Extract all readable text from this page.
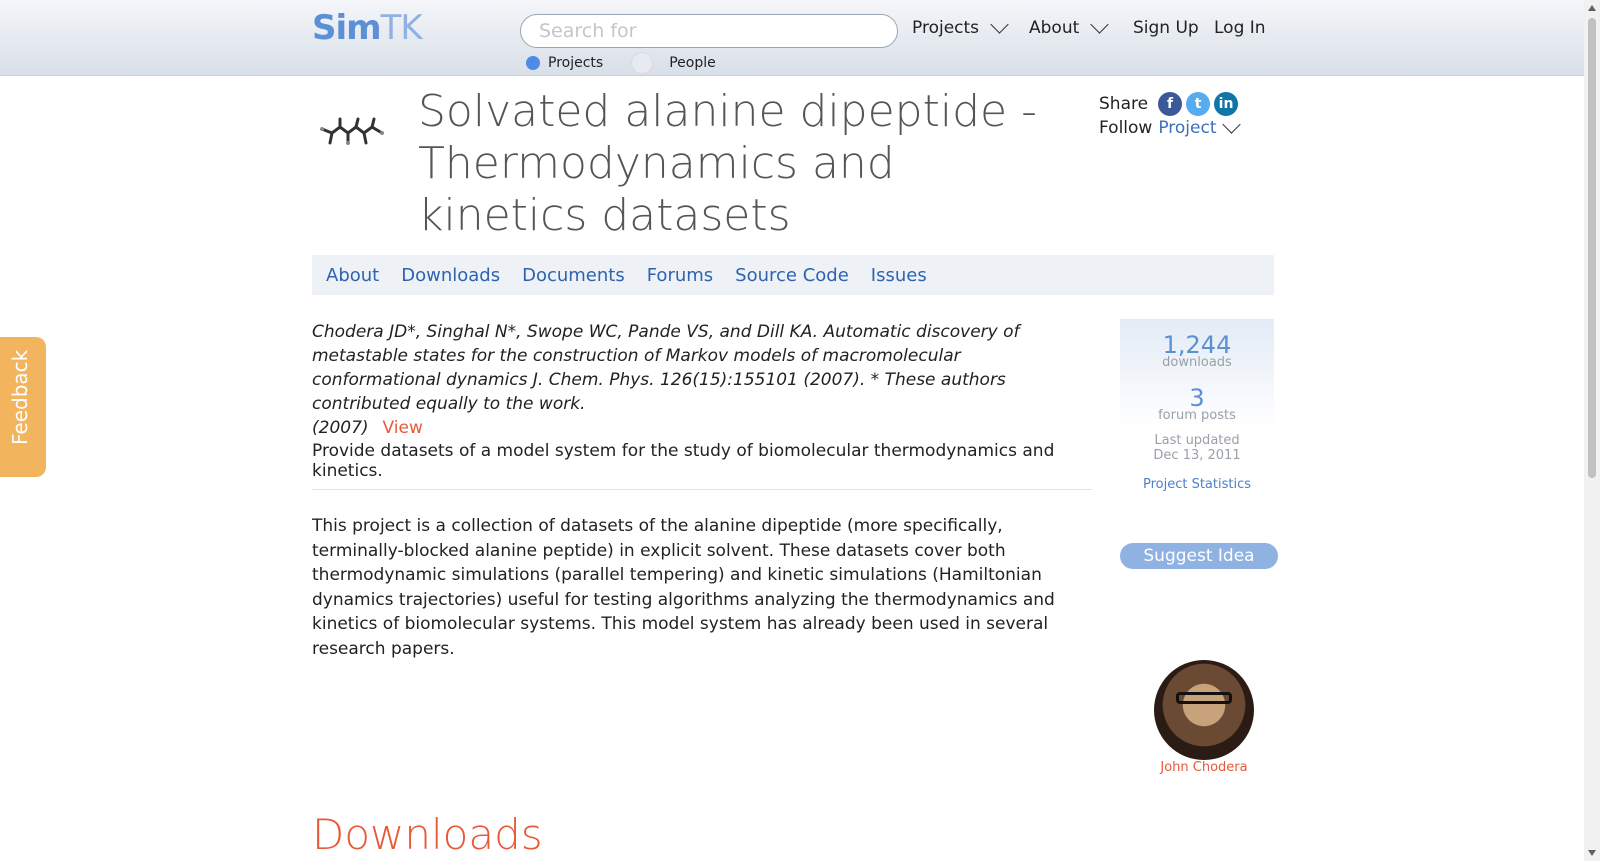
SimTK
Search for
Projects	People
Projects	About	Sign Up Log In
Solvated alanine dipeptide - Thermodynamics and kinetics datasets
Share	f	t	in
Follow Project
About Downloads Documents Forums Source Code Issues
Chodera JD*, Singhal N*, Swope WC, Pande VS, and Dill KA. Automatic discovery of metastable states for the construction of Markov models of macromolecular conformational dynamics J. Chem. Phys. 126(15):155101 (2007). * These authors contributed equally to the work.
(2007) View
Provide datasets of a model system for the study of biomolecular thermodynamics and kinetics.
This project is a collection of datasets of the alanine dipeptide (more specifically, terminally-blocked alanine peptide) in explicit solvent. These datasets cover both thermodynamic simulations (parallel tempering) and kinetic simulations (Hamiltonian dynamics trajectories) useful for testing algorithms analyzing the thermodynamics and kinetics of biomolecular systems. This model system has already been used in several research papers.
Downloads
1,244
downloads
3
forum posts
Last updated
Dec 13, 2011
Project Statistics
Suggest Idea
John Chodera
Feedback
